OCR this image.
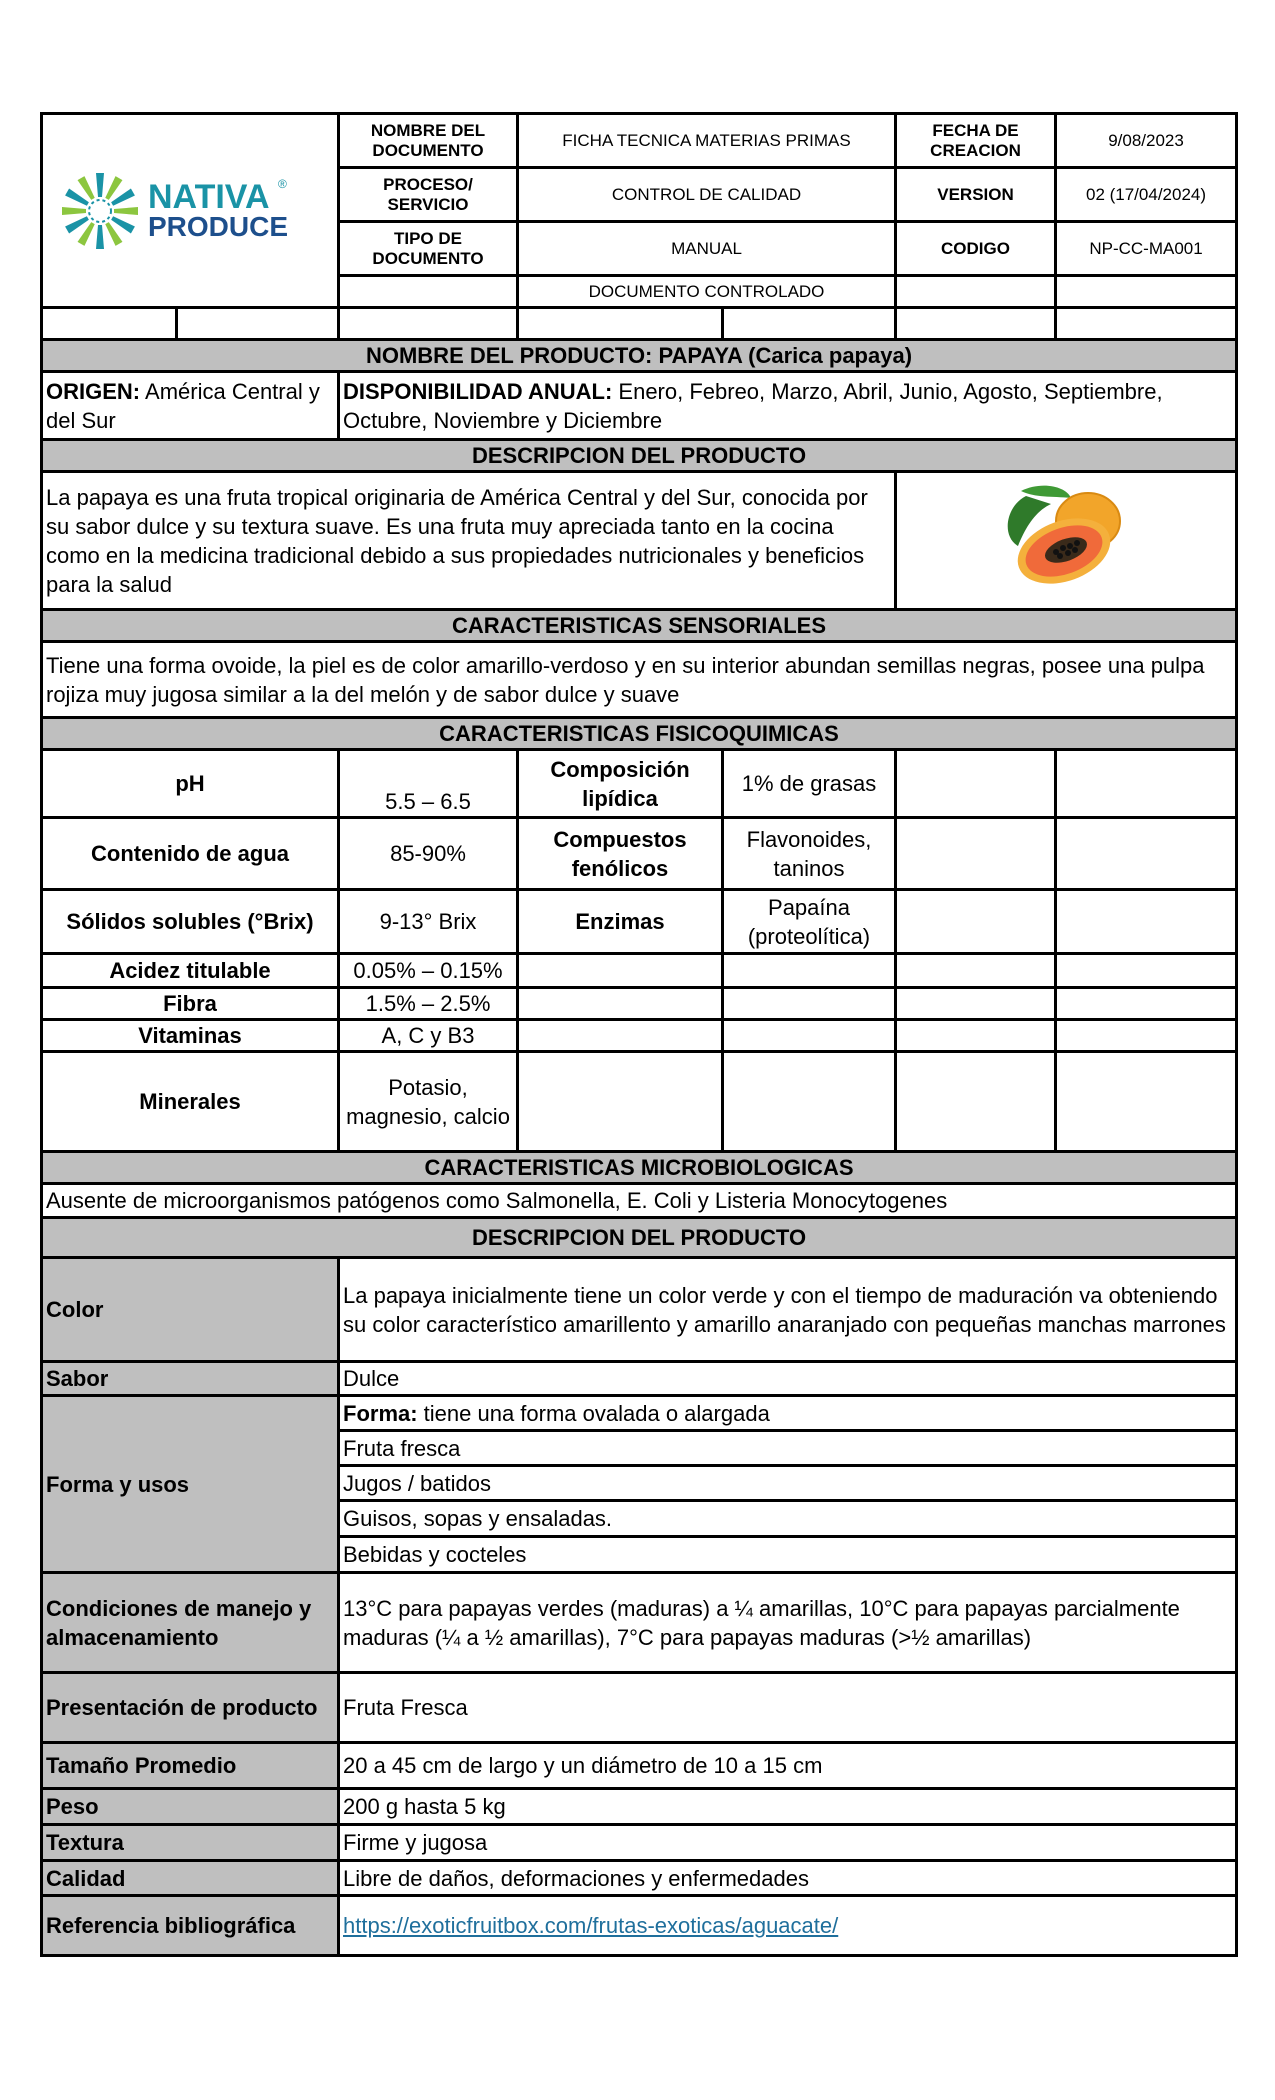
NATIVA ®
PRODUCE		NOMBRE DEL DOCUMENTO	FICHA TECNICA MATERIAS PRIMAS		FECHA DE CREACION	9/08/2023
		PROCESO/ SERVICIO	CONTROL DE CALIDAD		VERSION	02 (17/04/2024)
		TIPO DE DOCUMENTO	MANUAL		CODIGO	NP-CC-MA001
			DOCUMENTO CONTROLADO			

NOMBRE DEL PRODUCTO: PAPAYA (Carica papaya)						
ORIGEN: América Central y del Sur		DISPONIBILIDAD ANUAL: Enero, Febreo, Marzo, Abril, Junio, Agosto, Septiembre, Octubre, Noviembre y Diciembre				
DESCRIPCION DEL PRODUCTO						
La papaya es una fruta tropical originaria de América Central y del Sur, conocida por su sabor dulce y su textura suave. Es una fruta muy apreciada tanto en la cocina como en la medicina tradicional debido a sus propiedades nutricionales y beneficios para la salud	
CARACTERISTICAS SENSORIALES						
Tiene una forma ovoide, la piel es de color amarillo-verdoso y en su interior abundan semillas negras, posee una pulpa rojiza muy jugosa similar a la del melón y de sabor dulce y suave						
CARACTERISTICAS FISICOQUIMICAS						
pH		5.5 – 6.5	Composición lipídica	1% de grasas		
Contenido de agua		85-90%	Compuestos fenólicos	Flavonoides, taninos		
Sólidos solubles (°Brix)		9-13° Brix	Enzimas	Papaína (proteolítica)		
Acidez titulable		0.05% – 0.15%				
Fibra		1.5% – 2.5%				
Vitaminas		A, C y B3				
Minerales		Potasio, magnesio, calcio				
CARACTERISTICAS MICROBIOLOGICAS						
Ausente de microorganismos patógenos como Salmonella, E. Coli y Listeria Monocytogenes						
DESCRIPCION DEL PRODUCTO						
Color		La papaya inicialmente tiene un color verde y con el tiempo de maduración va obteniendo su color característico amarillento y amarillo anaranjado con pequeñas manchas marrones				
Sabor		Dulce				
Forma y usos		Forma: tiene una forma ovalada o alargada				
		Fruta fresca				
		Jugos / batidos				
		Guisos, sopas y ensaladas.				
		Bebidas y cocteles				
Condiciones de manejo y almacenamiento		13°C para papayas verdes (maduras) a ¼ amarillas, 10°C para papayas parcialmente maduras (¼ a ½ amarillas), 7°C para papayas maduras (>½ amarillas)				
Presentación de producto		Fruta Fresca				
Tamaño Promedio		20 a 45 cm de largo y un diámetro de 10 a 15 cm				
Peso		200 g hasta 5 kg				
Textura		Firme y jugosa				
Calidad		Libre de daños, deformaciones y enfermedades				
Referencia bibliográfica		https://exoticfruitbox.com/frutas-exoticas/aguacate/				
